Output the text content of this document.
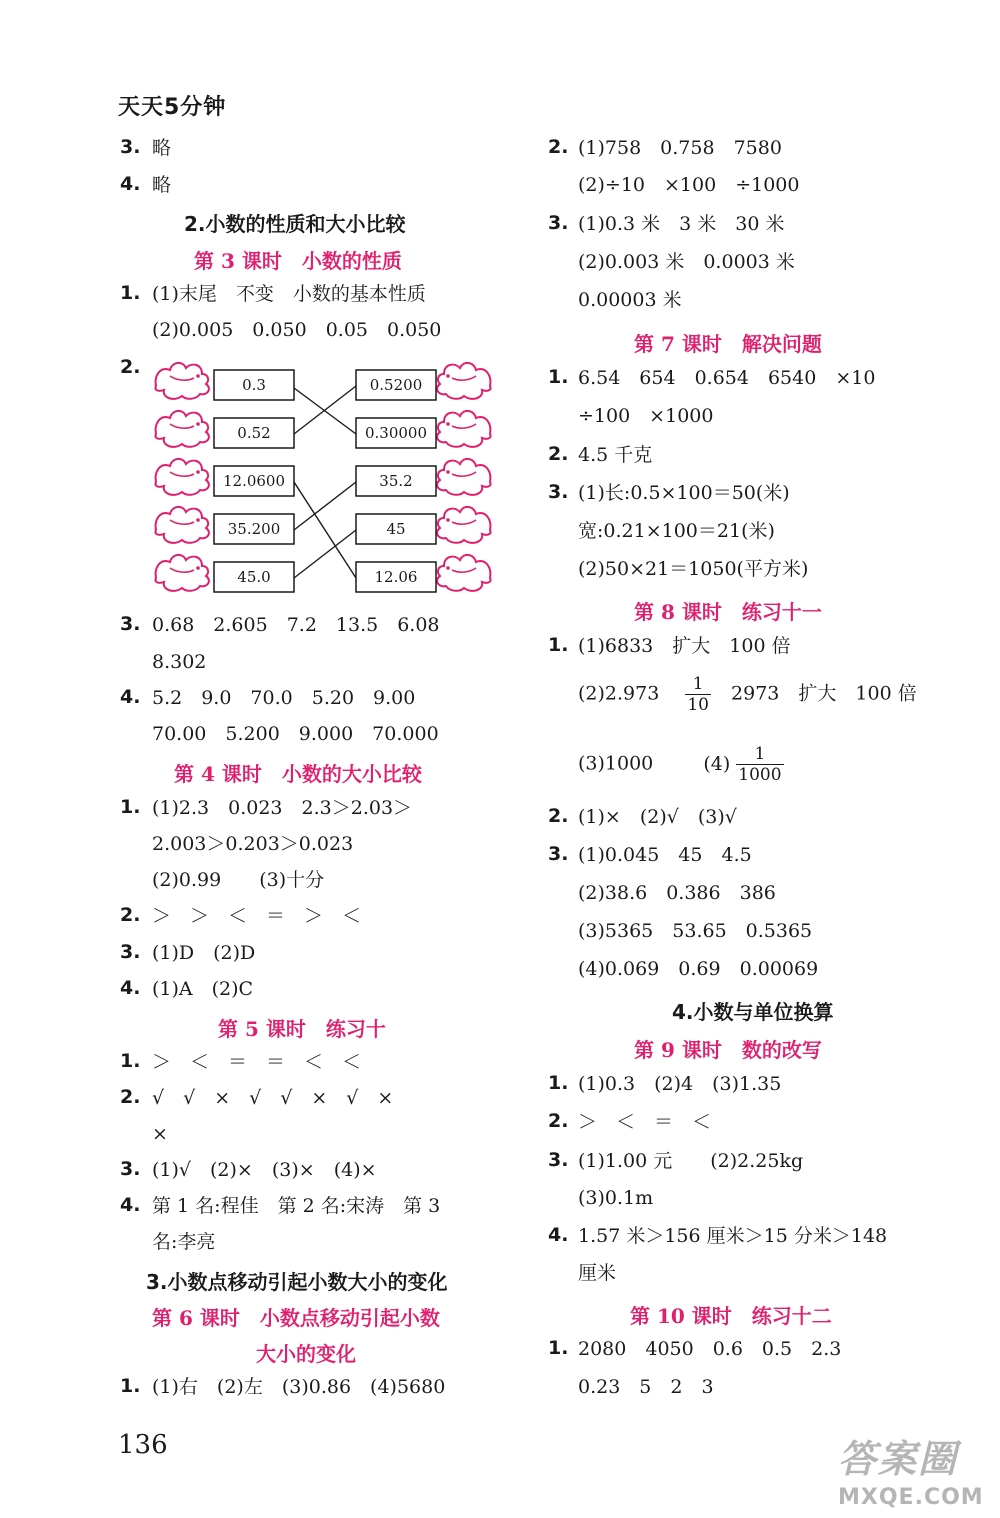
天天5分钟
3. 略
4. 略
2.小数的性质和大小比较
第 3 课时　小数的性质
1. (1)末尾　不变　小数的基本性质
(2)0.005　0.050　0.05　0.050
2.
0.3
0.52
12.0600
35.200
45.0
0.5200
0.30000
35.2
45
12.06
3. 0.68　2.605　7.2　13.5　6.08
8.302
4. 5.2　9.0　70.0　5.20　9.00
70.00　5.200　9.000　70.000
第 4 课时　小数的大小比较
1. (1)2.3　0.023　2.3＞2.03＞
2.003＞0.203＞0.023
(2)0.99　　(3)十分
2. ＞　＞　＜　＝　＞　＜
3. (1)D　(2)D
4. (1)A　(2)C
第 5 课时　练习十
1. ＞　＜　＝　＝　＜　＜
2. √　√　×　√　√　×　√　×
×
3. (1)√　(2)×　(3)×　(4)×
4. 第 1 名:程佳　第 2 名:宋涛　第 3
名:李亮
3.小数点移动引起小数大小的变化
第 6 课时　小数点移动引起小数
大小的变化
1. (1)右　(2)左　(3)0.86　(4)5680
2. (1)758　0.758　7580
(2)÷10　×100　÷1000
3. (1)0.3 米　3 米　30 米
(2)0.003 米　0.0003 米
0.00003 米
第 7 课时　解决问题
1. 6.54　654　0.654　6540　×10
÷100　×1000
2. 4.5 千克
3. (1)长:0.5×100＝50(米)
宽:0.21×100＝21(米)
(2)50×21＝1050(平方米)
第 8 课时　练习十一
1. (1)6833　扩大　100 倍
$(2)2.973 \frac{1}{10} 2973$　扩大　100 倍
(3)1000	$(4) \frac{1}{1000}$
2. (1)×　(2)√　(3)√
3. (1)0.045　45　4.5
(2)38.6　0.386　386
(3)5365　53.65　0.5365
(4)0.069　0.69　0.00069
4.小数与单位换算
第 9 课时　数的改写
1. (1)0.3　(2)4　(3)1.35
2. ＞　＜　＝　＜
3. (1)1.00 元　　(2)2.25kg
(3)0.1m
4. 1.57 米＞156 厘米＞15 分米＞148
厘米
第 10 课时　练习十二
1. 2080　4050　0.6　0.5　2.3
0.23　5　2　3
136	答案圈
MXQE.COM
